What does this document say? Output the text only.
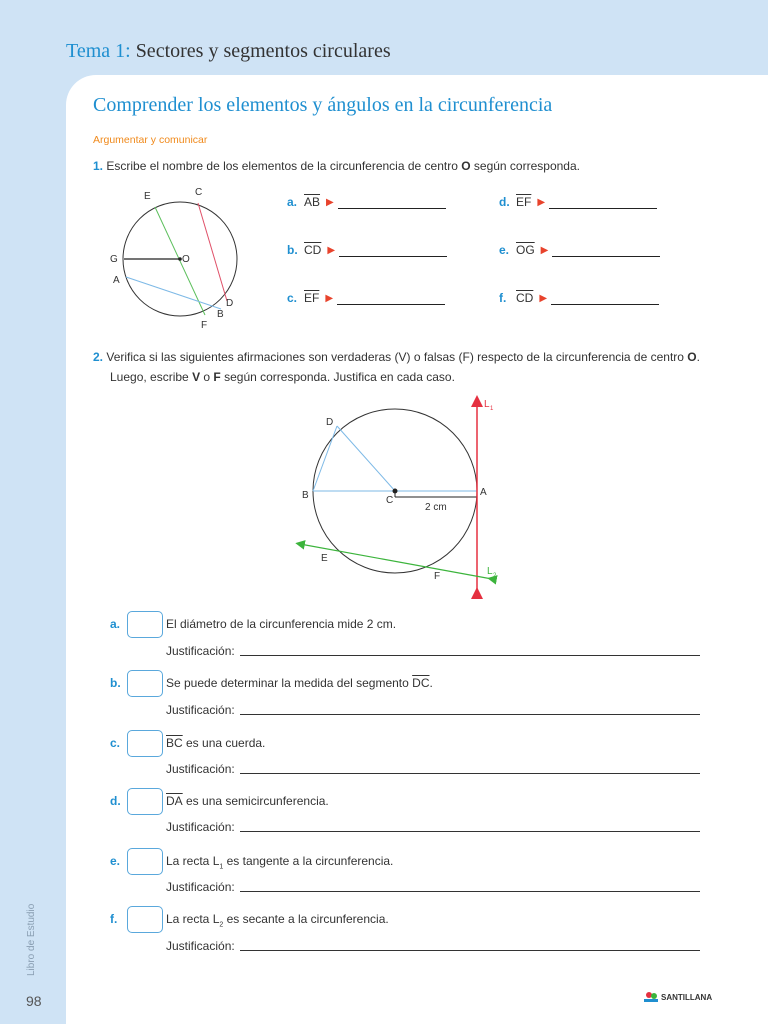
Tema 1: Sectores y segmentos circulares
Comprender los elementos y ángulos en la circunferencia
Argumentar y comunicar
1. Escribe el nombre de los elementos de la circunferencia de centro O según corresponda.
E	C
G	O
A
D
B
F
a. $\overline{AB}$ ▶
b. $\overline{CD}$ ▶
c. $\overline{EF}$ ▶
d. $\overline{EF}$ ▶
e. $\overline{OG}$ ▶
f. $\overline{CD}$ ▶
2. Verifica si las siguientes afirmaciones son verdaderas (V) o falsas (F) respecto de la circunferencia de centro O.
Luego, escribe V o F según corresponda. Justifica en cada caso.
L 1
D
B	C
A
2 cm
E
F	L 2
a.	El diámetro de la circunferencia mide 2 cm.
Justificación:
b.	Se puede determinar la medida del segmento $\overline{DC}$.
Justificación:
c.	$\overline{BC}$ es una cuerda.
Justificación:
d.	$\overline{DA}$ es una semicircunferencia.
Justificación:
e.	La recta $L_1$ es tangente a la circunferencia.
Justificación:
f.	La recta $L_2$ es secante a la circunferencia.
Justificación:
Libro de Estudio
98	SANTILLANA
